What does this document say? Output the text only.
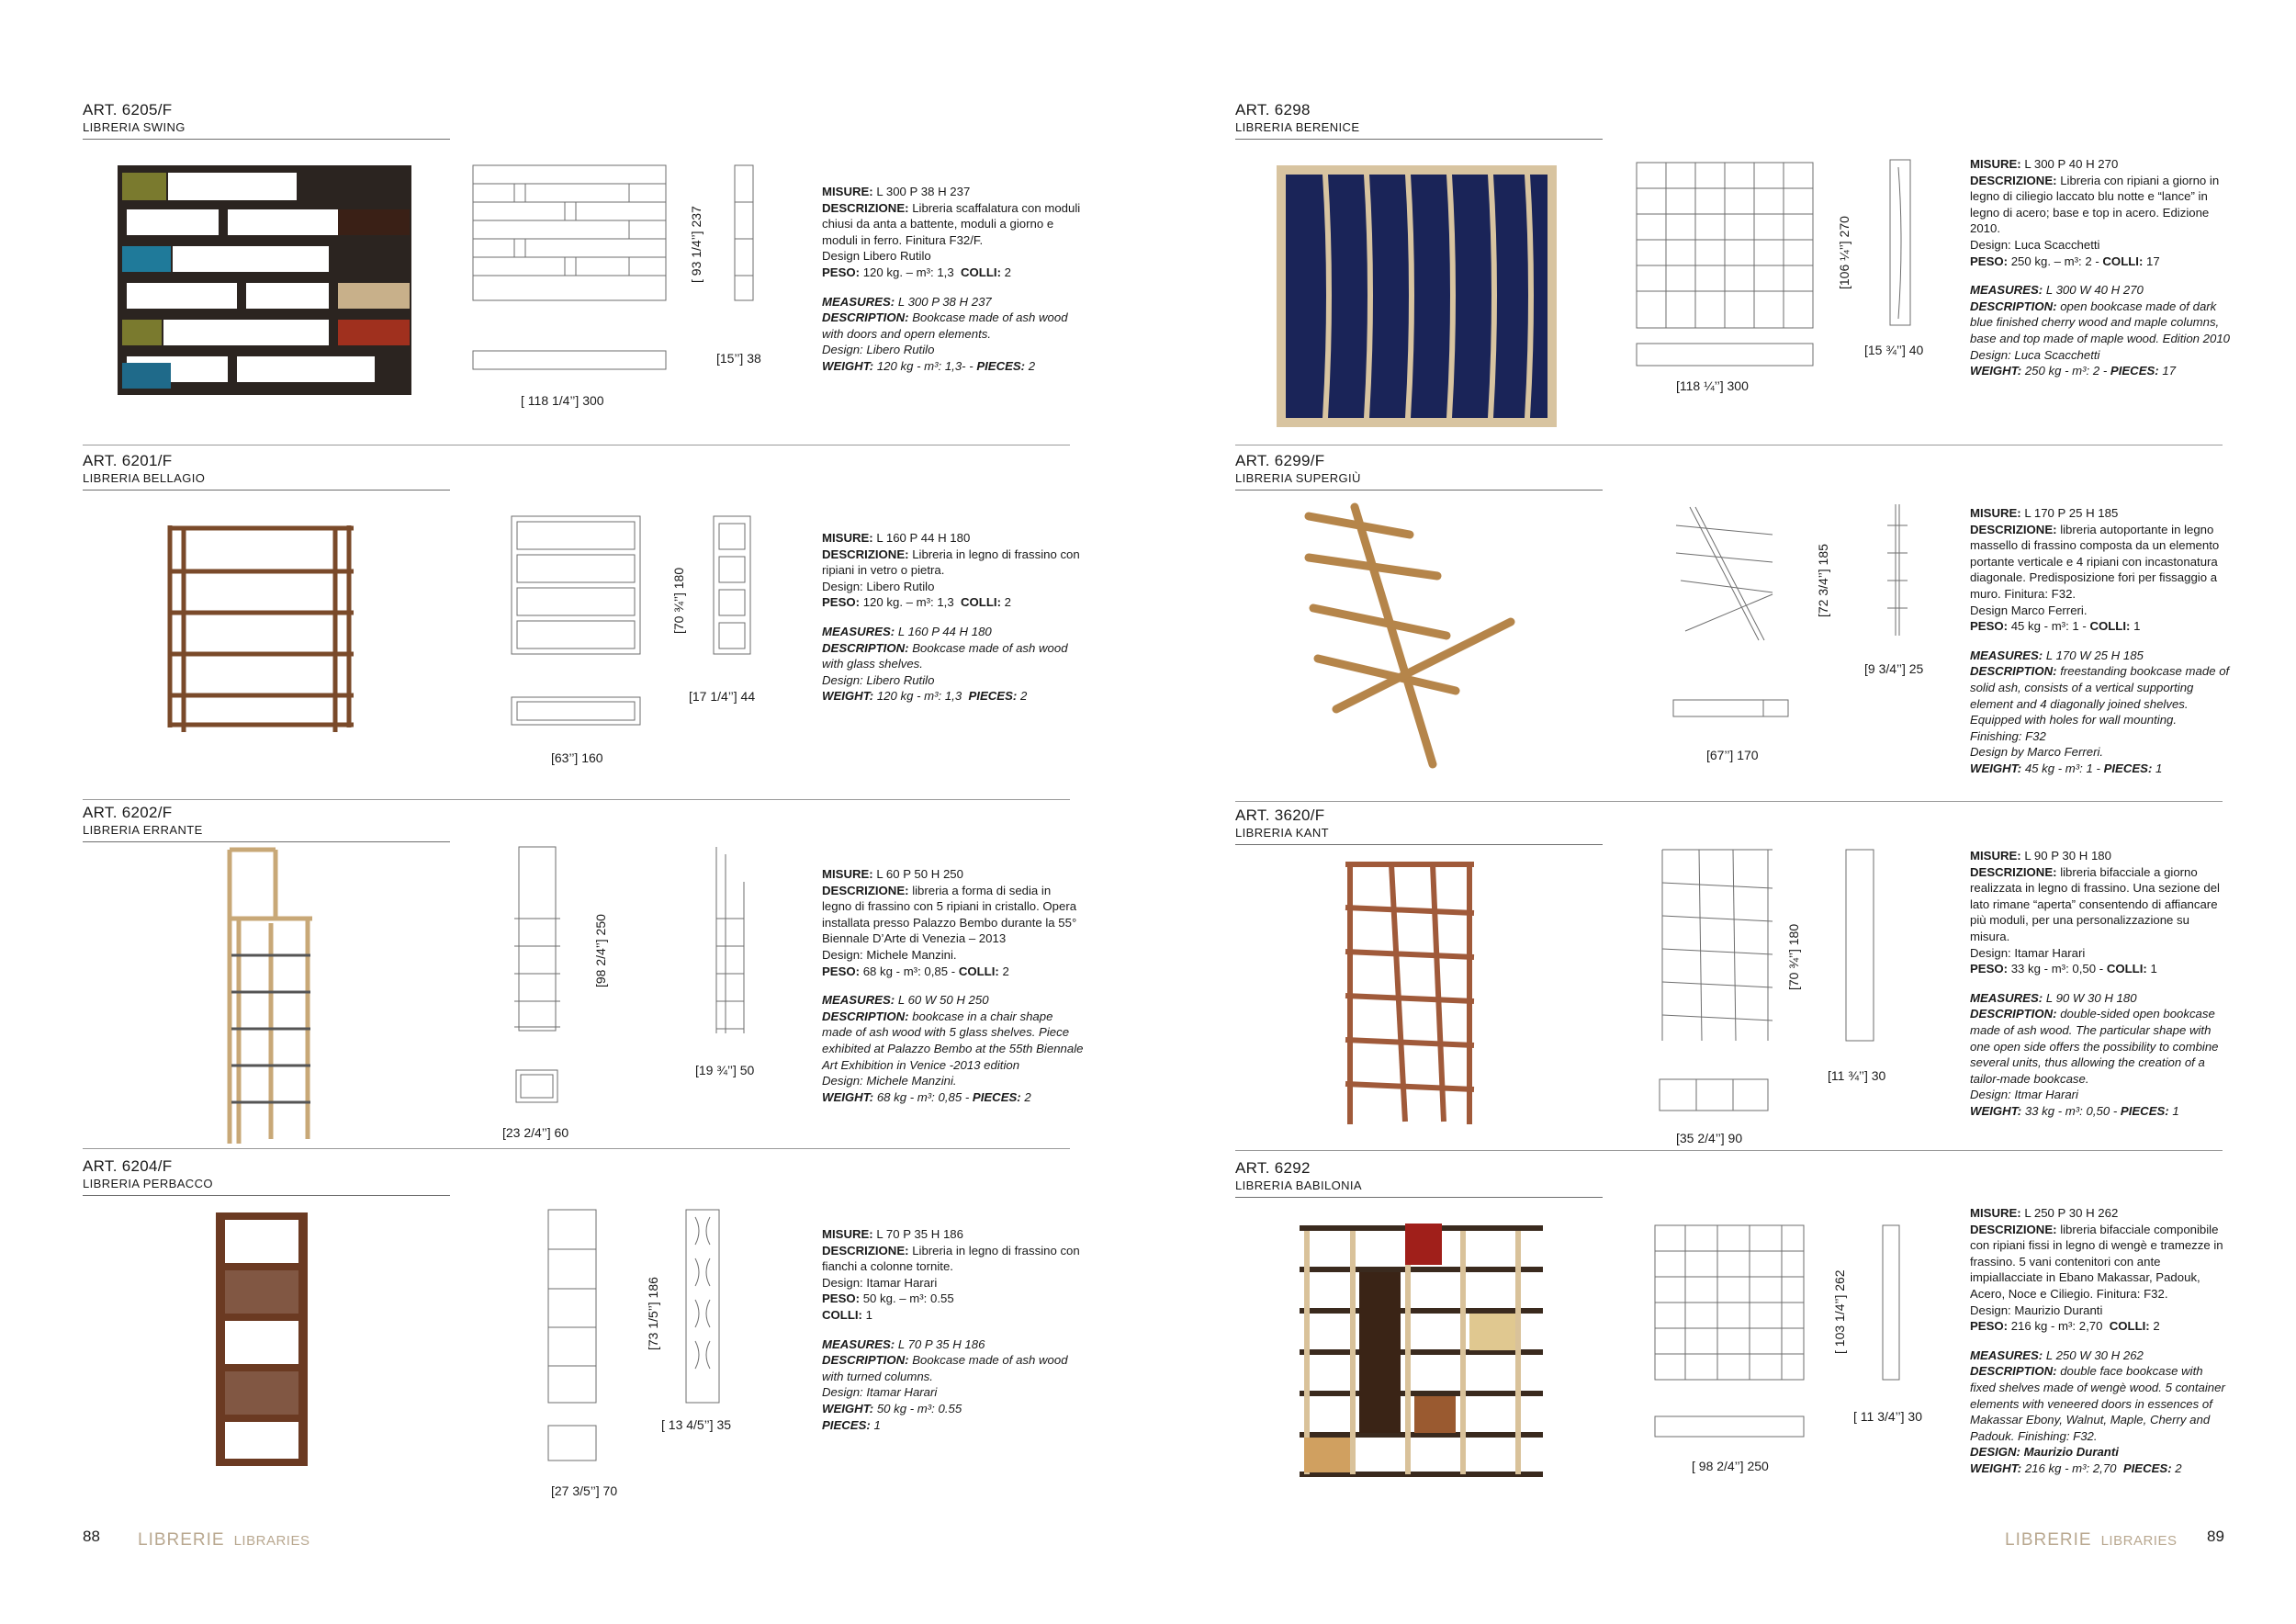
ART. 6205/F
LIBRERIA SWING
[ 118 1/4’’] 300
[ 93 1/4’’] 237
[15’’] 38

MISURE: L 300 P 38 H 237
DESCRIZIONE: Libreria scaffalatura con moduli chiusi da anta a battente, moduli a giorno e moduli in ferro. Finitura F32/F.
Design Libero Rutilo
PESO: 120 kg. – m³: 1,3 COLLI: 2

MEASURES: L 300 P 38 H 237
DESCRIPTION: Bookcase made of ash wood with doors and opern elements.
Design: Libero Rutilo
WEIGHT: 120 kg - m³: 1,3- - PIECES: 2

ART. 6201/F
LIBRERIA BELLAGIO
[63’’] 160
[70 ¾’’] 180
[17 1/4’’] 44

MISURE: L 160 P 44 H 180
DESCRIZIONE: Libreria in legno di frassino con ripiani in vetro o pietra.
Design: Libero Rutilo
PESO: 120 kg. – m³: 1,3 COLLI: 2

MEASURES: L 160 P 44 H 180
DESCRIPTION: Bookcase made of ash wood with glass shelves.
Design: Libero Rutilo
WEIGHT: 120 kg - m³: 1,3 PIECES: 2

ART. 6202/F
LIBRERIA ERRANTE
[23 2/4’’] 60
[98 2/4’’] 250
[19 ¾’’] 50

MISURE: L 60 P 50 H 250
DESCRIZIONE: libreria a forma di sedia in legno di frassino con 5 ripiani in cristallo. Opera installata presso Palazzo Bembo durante la 55° Biennale D’Arte di Venezia – 2013
Design: Michele Manzini.
PESO: 68 kg - m³: 0,85 - COLLI: 2

MEASURES: L 60 W 50 H 250
DESCRIPTION: bookcase in a chair shape made of ash wood with 5 glass shelves. Piece exhibited at Palazzo Bembo at the 55th Biennale Art Exhibition in Venice -2013 edition
Design: Michele Manzini.
WEIGHT: 68 kg - m³: 0,85 - PIECES: 2

ART. 6204/F
LIBRERIA PERBACCO
[27 3/5’’] 70
[73 1/5’’] 186
[ 13 4/5’’] 35

MISURE: L 70 P 35 H 186
DESCRIZIONE: Libreria in legno di frassino con fianchi a colonne tornite.
Design: Itamar Harari
PESO: 50 kg. – m³: 0.55
COLLI: 1

MEASURES: L 70 P 35 H 186
DESCRIPTION: Bookcase made of ash wood with turned columns.
Design: Itamar Harari
WEIGHT: 50 kg - m³: 0.55
PIECES: 1

ART. 6298
LIBRERIA BERENICE
[118 ¼’’] 300
[106 ¼’’] 270
[15 ¾’’] 40

MISURE: L 300 P 40 H 270
DESCRIZIONE: Libreria con ripiani a giorno in legno di ciliegio laccato blu notte e “lance” in legno di acero; base e top in acero. Edizione 2010.
Design: Luca Scacchetti
PESO: 250 kg. – m³: 2 - COLLI: 17

MEASURES: L 300 W 40 H 270
DESCRIPTION: open bookcase made of dark blue finished cherry wood and maple columns, base and top made of maple wood. Edition 2010
Design: Luca Scacchetti
WEIGHT: 250 kg - m³: 2 - PIECES: 17

ART. 6299/F
LIBRERIA SUPERGIÙ
[67’’] 170
[72 3/4’’] 185
[9 3/4’’] 25

MISURE: L 170 P 25 H 185
DESCRIZIONE: libreria autoportante in legno massello di frassino composta da un elemento portante verticale e 4 ripiani con incastonatura diagonale. Predisposizione fori per fissaggio a muro. Finitura: F32.
Design Marco Ferreri.
PESO: 45 kg - m³: 1 - COLLI: 1

MEASURES: L 170 W 25 H 185
DESCRIPTION: freestanding bookcase made of solid ash, consists of a vertical supporting element and 4 diagonally joined shelves. Equipped with holes for wall mounting. Finishing: F32
Design by Marco Ferreri.
WEIGHT: 45 kg - m³: 1 - PIECES: 1

ART. 3620/F
LIBRERIA KANT
[35 2/4’’] 90
[70 ¾’’] 180
[11 ¾’’] 30

MISURE: L 90 P 30 H 180
DESCRIZIONE: libreria bifacciale a giorno realizzata in legno di frassino. Una sezione del lato rimane “aperta” consentendo di affiancare più moduli, per una personalizzazione su misura.
Design: Itamar Harari
PESO: 33 kg - m³: 0,50 - COLLI: 1

MEASURES: L 90 W 30 H 180
DESCRIPTION: double-sided open bookcase made of ash wood. The particular shape with one open side offers the possibility to combine several units, thus allowing the creation of a tailor-made bookcase.
Design: Itmar Harari
WEIGHT: 33 kg - m³: 0,50 - PIECES: 1

ART. 6292
LIBRERIA BABILONIA
[ 98 2/4’’] 250
[ 103 1/4’’] 262
[ 11 3/4’’] 30

MISURE: L 250 P 30 H 262
DESCRIZIONE: libreria bifacciale componibile con ripiani fissi in legno di wengè e tramezze in frassino. 5 vani contenitori con ante impiallacciate in Ebano Makassar, Padouk, Acero, Noce e Ciliegio. Finitura: F32.
Design: Maurizio Duranti
PESO: 216 kg - m³: 2,70 COLLI: 2

MEASURES: L 250 W 30 H 262
DESCRIPTION: double face bookcase with fixed shelves made of wengè wood. 5 container elements with veneered doors in essences of Makassar Ebony, Walnut, Maple, Cherry and Padouk. Finishing: F32.
DESIGN: Maurizio Duranti
WEIGHT: 216 kg - m³: 2,70 PIECES: 2

88 LIBRERIE LIBRARIES	LIBRERIE LIBRARIES 89
